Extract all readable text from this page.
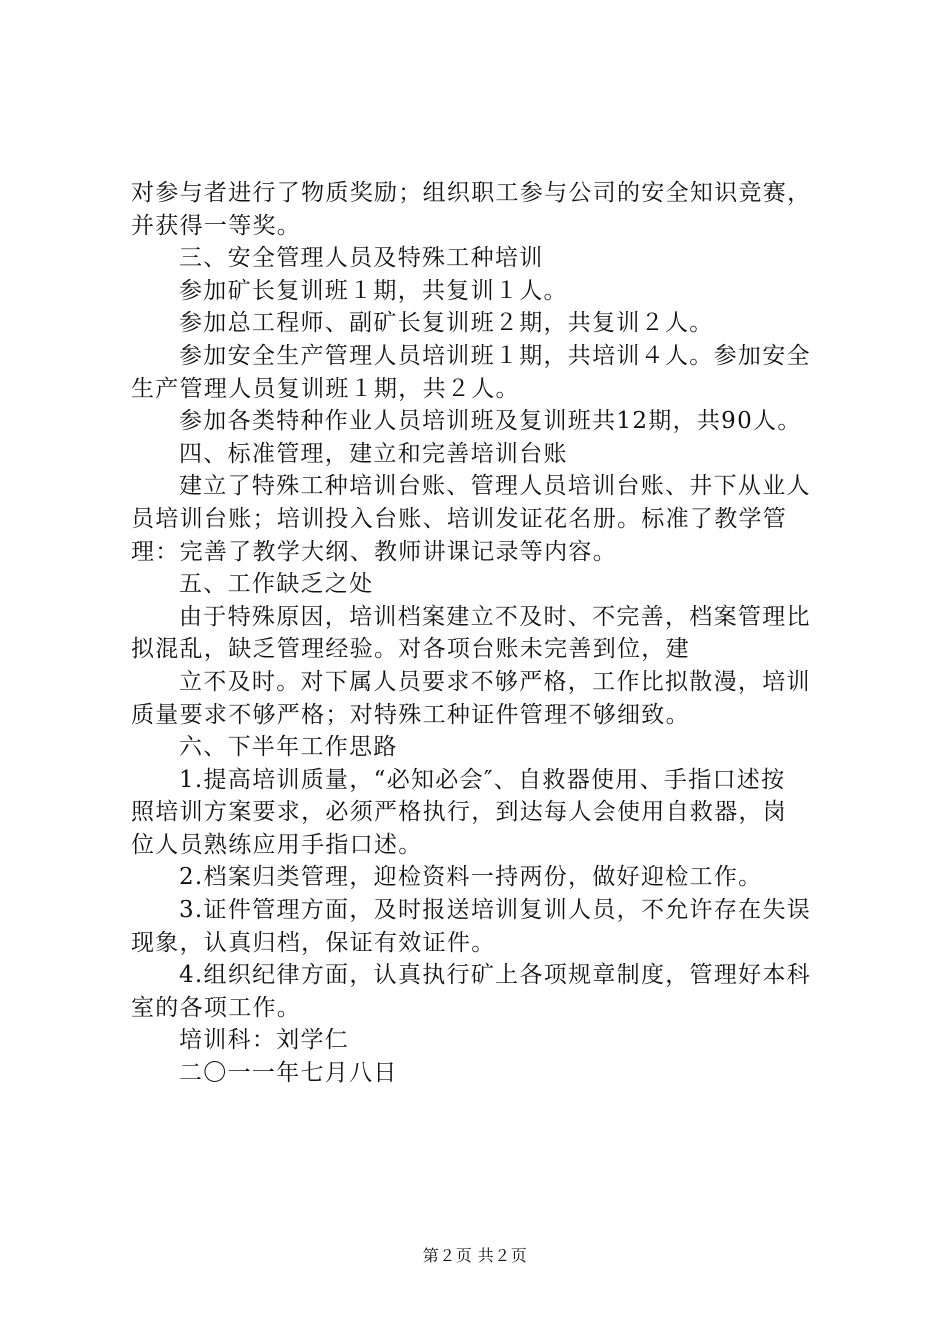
对参与者进行了物质奖励；组织职工参与公司的安全知识竞赛，
并获得一等奖。
三、安全管理人员及特殊工种培训
参加矿长复训班１期，共复训１人。
参加总工程师、副矿长复训班２期，共复训２人。
参加安全生产管理人员培训班１期，共培训４人。参加安全
生产管理人员复训班１期，共２人。
参加各类特种作业人员培训班及复训班共12期，共90人。
四、标准管理，建立和完善培训台账
建立了特殊工种培训台账、管理人员培训台账、井下从业人
员培训台账；培训投入台账、培训发证花名册。标准了教学管
理：完善了教学大纲、教师讲课记录等内容。
五、工作缺乏之处
由于特殊原因，培训档案建立不及时、不完善，档案管理比
拟混乱，缺乏管理经验。对各项台账未完善到位，建
立不及时。对下属人员要求不够严格，工作比拟散漫，培训
质量要求不够严格；对特殊工种证件管理不够细致。
六、下半年工作思路
1.提高培训质量，“必知必会″、自救器使用、手指口述按
照培训方案要求，必须严格执行，到达每人会使用自救器，岗
位人员熟练应用手指口述。
2.档案归类管理，迎检资料一持两份，做好迎检工作。
3.证件管理方面，及时报送培训复训人员，不允许存在失误
现象，认真归档，保证有效证件。
4.组织纪律方面，认真执行矿上各项规章制度，管理好本科
室的各项工作。
培训科：刘学仁
二〇一一年七月八日
第２页 共２页
